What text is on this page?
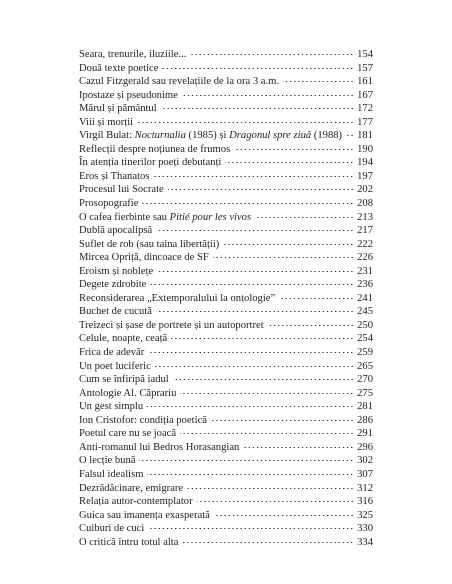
Seara, trenurile, iluziile...	154
Două texte poetice	157
Cazul Fitzgerald sau revelațiile de la ora 3 a.m.	161
Ipostaze și pseudonime	167
Mărul și pământul	172
Viii și morții	177
Virgil Bulat: Nocturnalia (1985) și Dragonul spre ziuă (1988) 181
Reflecții despre noțiunea de frumos	190
În atenția tinerilor poeți debutanți	194
Eros și Thanatos	197
Procesul lui Socrate	202
Prosopografie	208
O cafea fierbinte sau Pitié pour les vivos	213
Dublă apocalipsă	217
Suflet de rob (sau taina libertății)	222
Mircea Opriță, dincoace de SF	226
Eroism și noblețe	231
Degete zdrobite	236
Reconsiderarea „Extemporalului la ontologie”	241
Buchet de cucută	245
Treizeci și șase de portrete și un autoportret	250
Celule, noapte, ceață	254
Frica de adevăr	259
Un poet luciferic	265
Cum se înfiripă iadul	270
Antologie Al. Căprariu	275
Un gest simplu	281
Ion Cristofor: condiția poetică	286
Poetul care nu se joacă	291
Anti-romanul lui Bedros Horasangian	296
O lecție bună	302
Falsul idealism	307
Dezrădăcinare, emigrare	312
Relația autor-contemplator	316
Guica sau imanența exasperată	325
Cuiburi de cuci	330
O critică întru totul alta	334
